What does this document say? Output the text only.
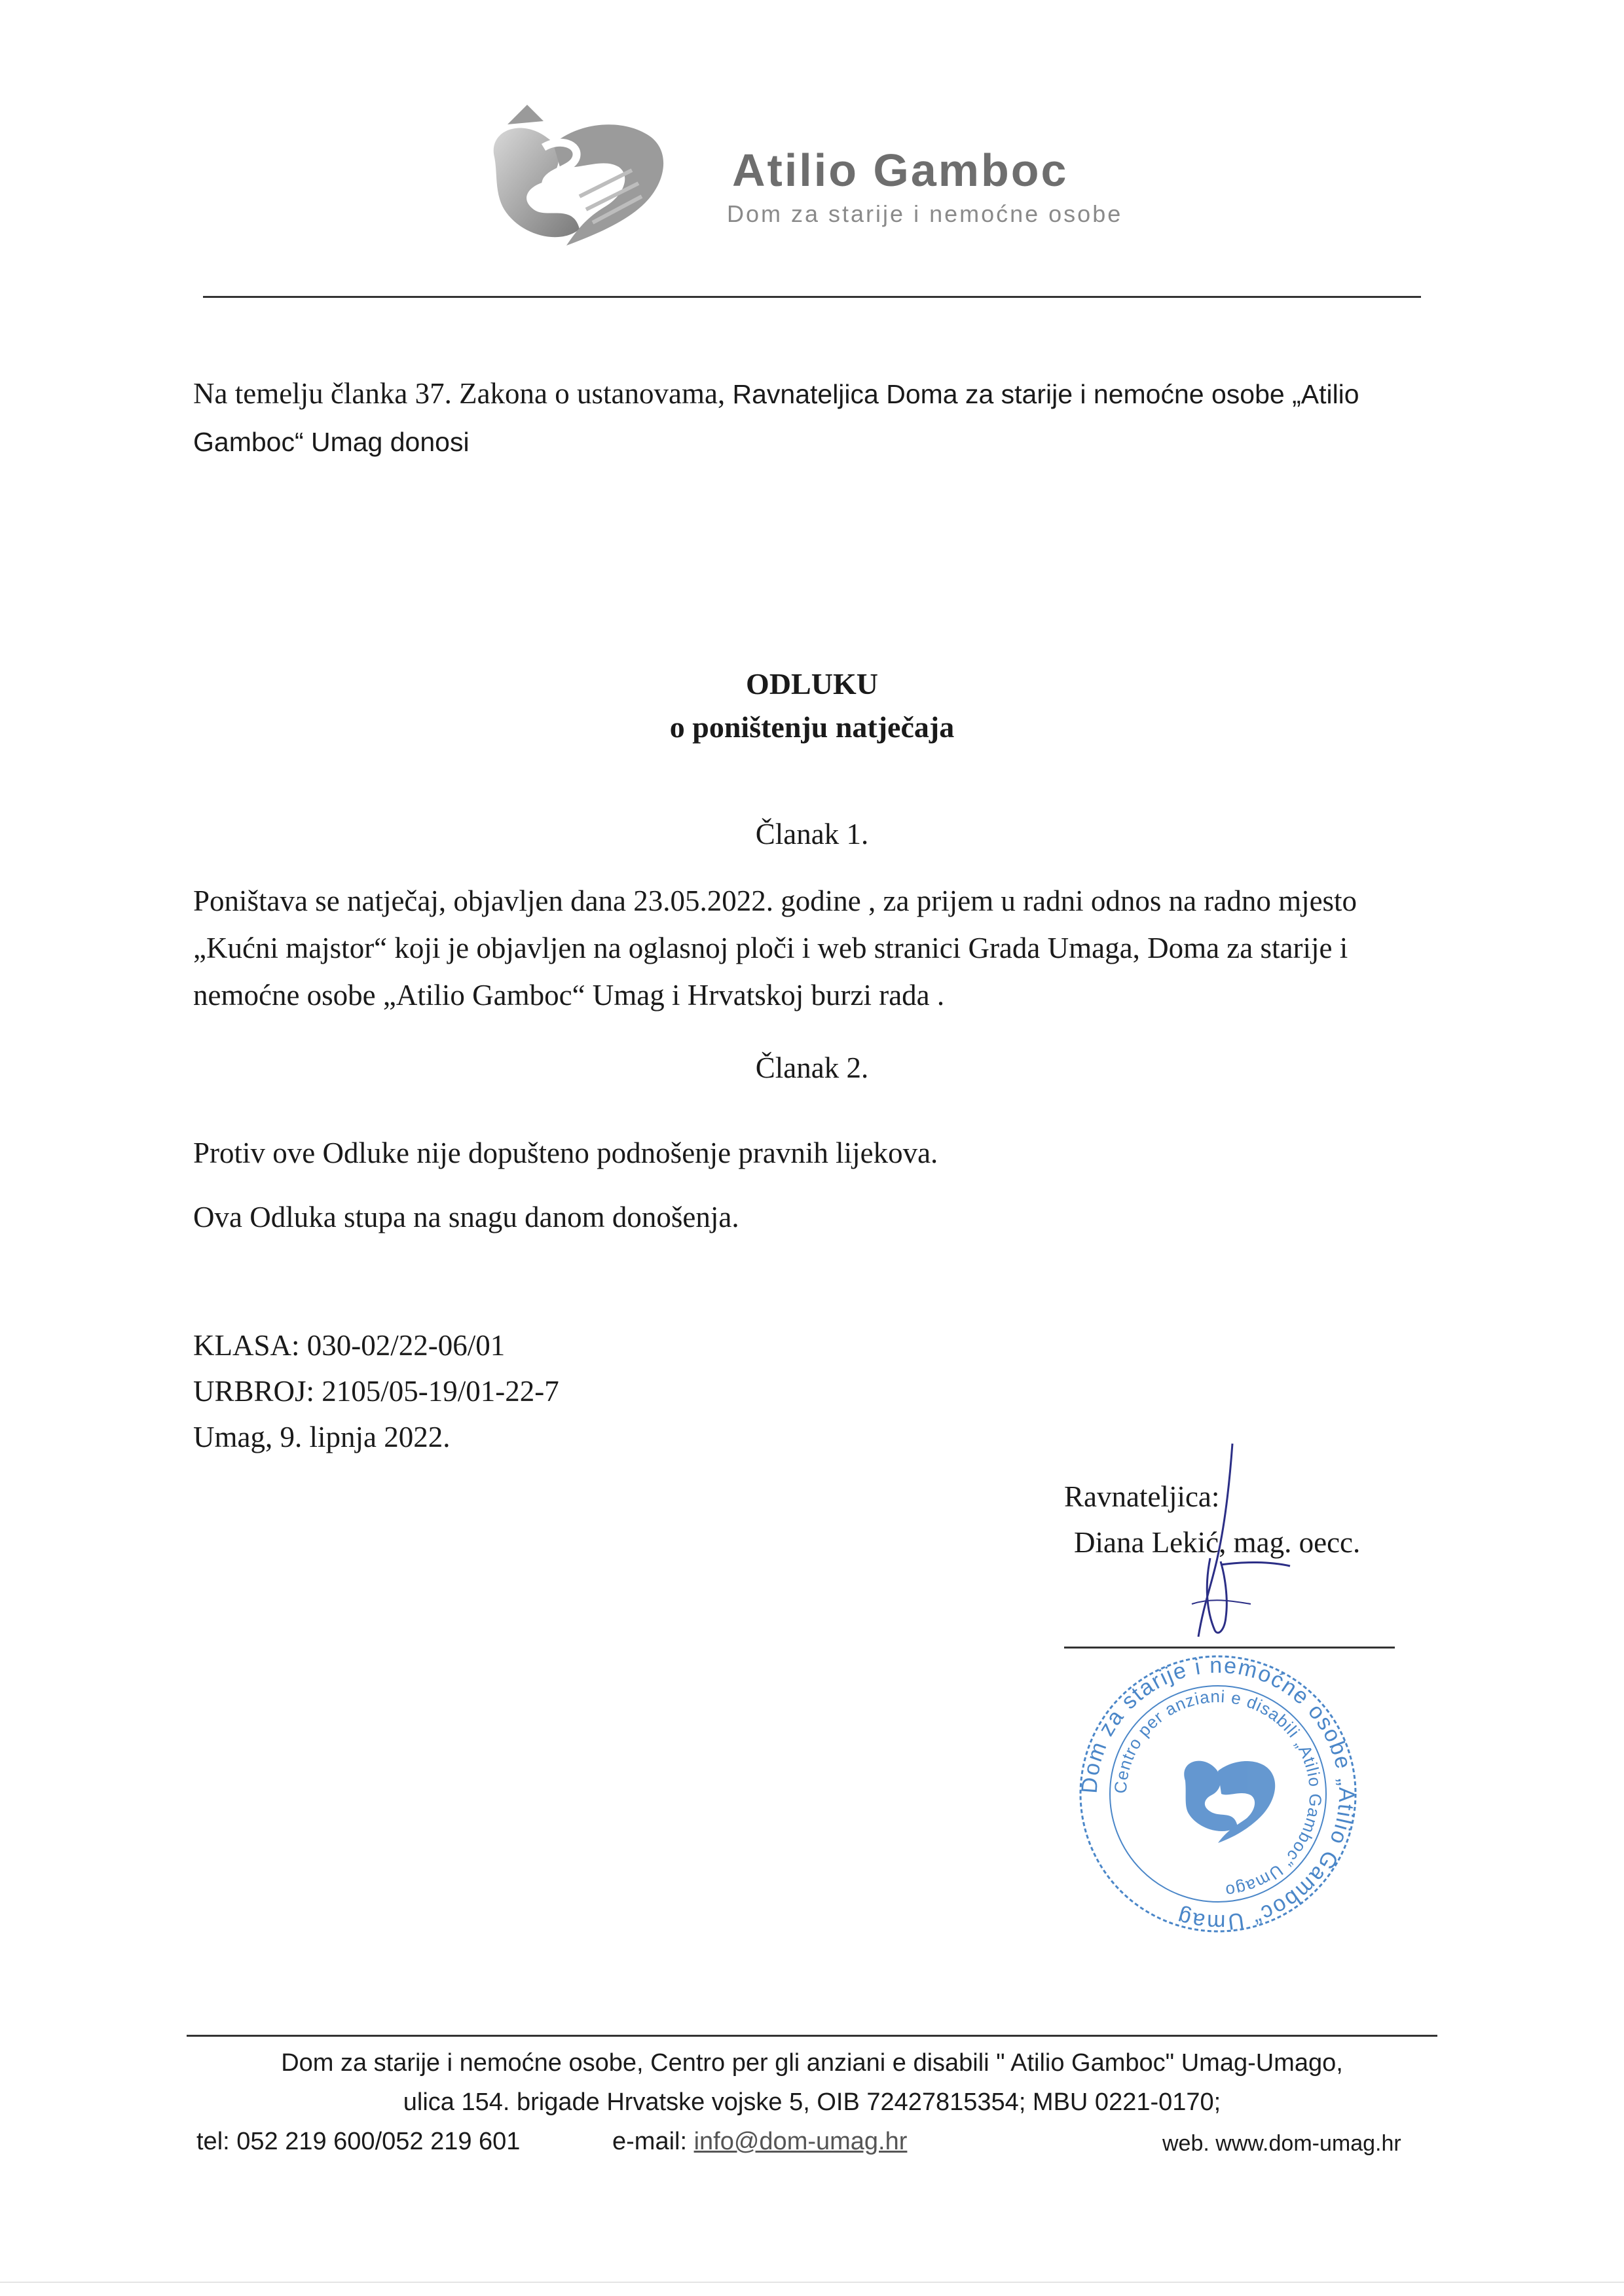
Atilio Gamboc
Dom za starije i nemoćne osobe
Na temelju članka 37. Zakona o ustanovama, Ravnateljica Doma za starije i nemoćne osobe „Atilio
Gamboc“ Umag donosi
ODLUKU
o poništenju natječaja
Članak 1.
Poništava se natječaj, objavljen dana 23.05.2022. godine , za prijem u radni odnos na radno mjesto „Kućni majstor“ koji je objavljen na oglasnoj ploči i web stranici Grada Umaga, Doma za starije i nemoćne osobe „Atilio Gamboc“ Umag i Hrvatskoj burzi rada .
Članak 2.
Protiv ove Odluke nije dopušteno podnošenje pravnih lijekova.
Ova Odluka stupa na snagu danom donošenja.
KLASA: 030-02/22-06/01
URBROJ: 2105/05-19/01-22-7
Umag, 9. lipnja 2022.
Ravnateljica:
Diana Lekić, mag. oecc.
Dom za starije i nemoćne osobe „Atilio Gamboc“ Umag
Centro per anziani e disabili „Atilio Gamboc“ Umago
Dom za starije i nemoćne osobe, Centro per gli anziani e disabili " Atilio Gamboc" Umag-Umago,
ulica 154. brigade Hrvatske vojske 5, OIB 72427815354; MBU 0221-0170;
tel: 052 219 600/052 219 601	e-mail: info@dom-umag.hr	web. www.dom-umag.hr
